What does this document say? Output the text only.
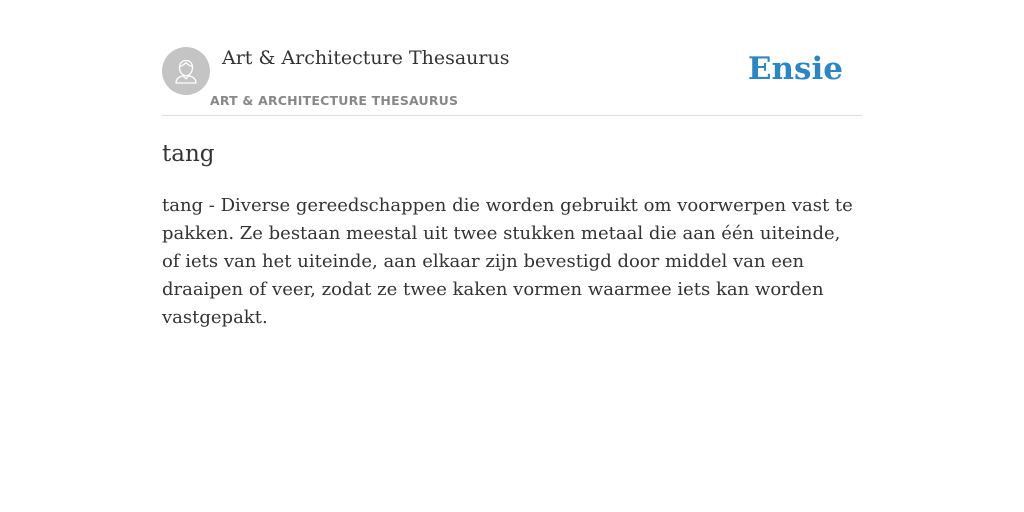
Art & Architecture Thesaurus
ART & ARCHITECTURE THESAURUS
Ensie
tang

tang - Diverse gereedschappen die worden gebruikt om voorwerpen vast te pakken. Ze bestaan meestal uit twee stukken metaal die aan één uiteinde, of iets van het uiteinde, aan elkaar zijn bevestigd door middel van een draaipen of veer, zodat ze twee kaken vormen waarmee iets kan worden vastgepakt.
